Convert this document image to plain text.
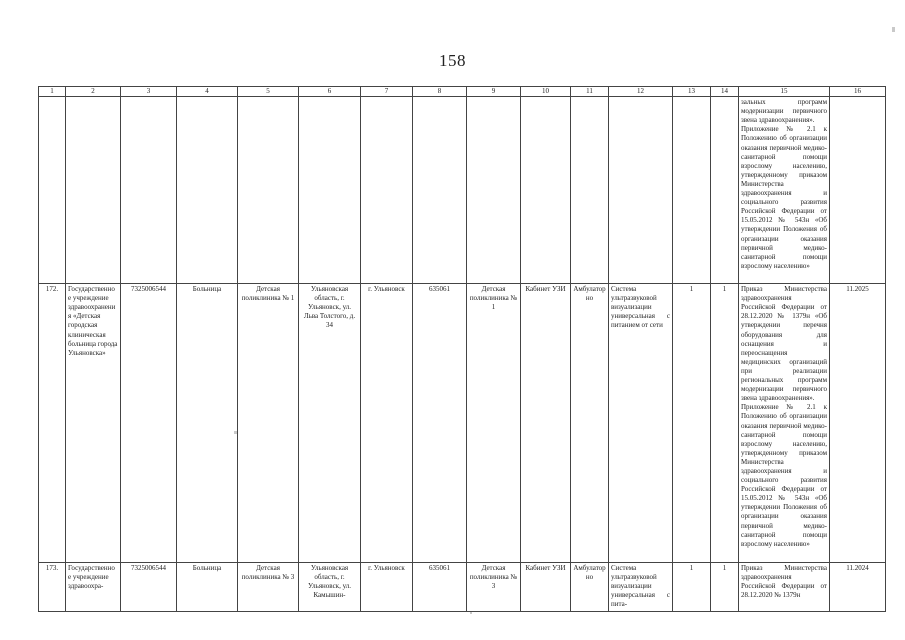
158
1	2	3	4	5	6	7	8	9	10	11	12	13	14	15	16
														зальных программ модернизации первичного звена здравоохранения».
Приложение № 2.1 к Положению об организации оказания первичной медико-санитарной помощи взрослому населению, утвержденному приказом Министерства здравоохранения и социального развития Российской Федерации от 15.05.2012 № 543н «Об утверждении Положения об организации оказания первичной медико-санитарной помощи взрослому населению»	
172.	Государственное учреждение здравоохранения «Детская городская клиническая больница города Ульяновска»	7325006544	Больница	Детская поликлиника № 1	Ульяновская область, г. Ульяновск, ул. Льва Толстого, д. 34	г. Ульяновск	635061	Детская поликлиника № 1	Кабинет УЗИ	Амбулаторно	Система ультразвуковой визуализации универсальная с питанием от сети	1	1	Приказ Министерства здравоохранения Российской Федерации от 28.12.2020 № 1379н «Об утверждении перечня оборудования для оснащения и переоснащения медицинских организаций при реализации региональных программ модернизации первичного звена здравоохранения».
Приложение № 2.1 к Положению об организации оказания первичной медико-санитарной помощи взрослому населению, утвержденному приказом Министерства здравоохранения и социального развития Российской Федерации от 15.05.2012 № 543н «Об утверждении Положения об организации оказания первичной медико-санитарной помощи взрослому населению»	11.2025
173.	Государственное учреждение здравоохра-	7325006544	Больница	Детская поликлиника № 3	Ульяновская область, г. Ульяновск, ул. Камышин-	г. Ульяновск	635061	Детская поликлиника № 3	Кабинет УЗИ	Амбулаторно	Система ультразвуковой визуализации универсальная с пита-	1	1	Приказ Министерства здравоохранения Российской Федерации от 28.12.2020 № 1379н	11.2024
